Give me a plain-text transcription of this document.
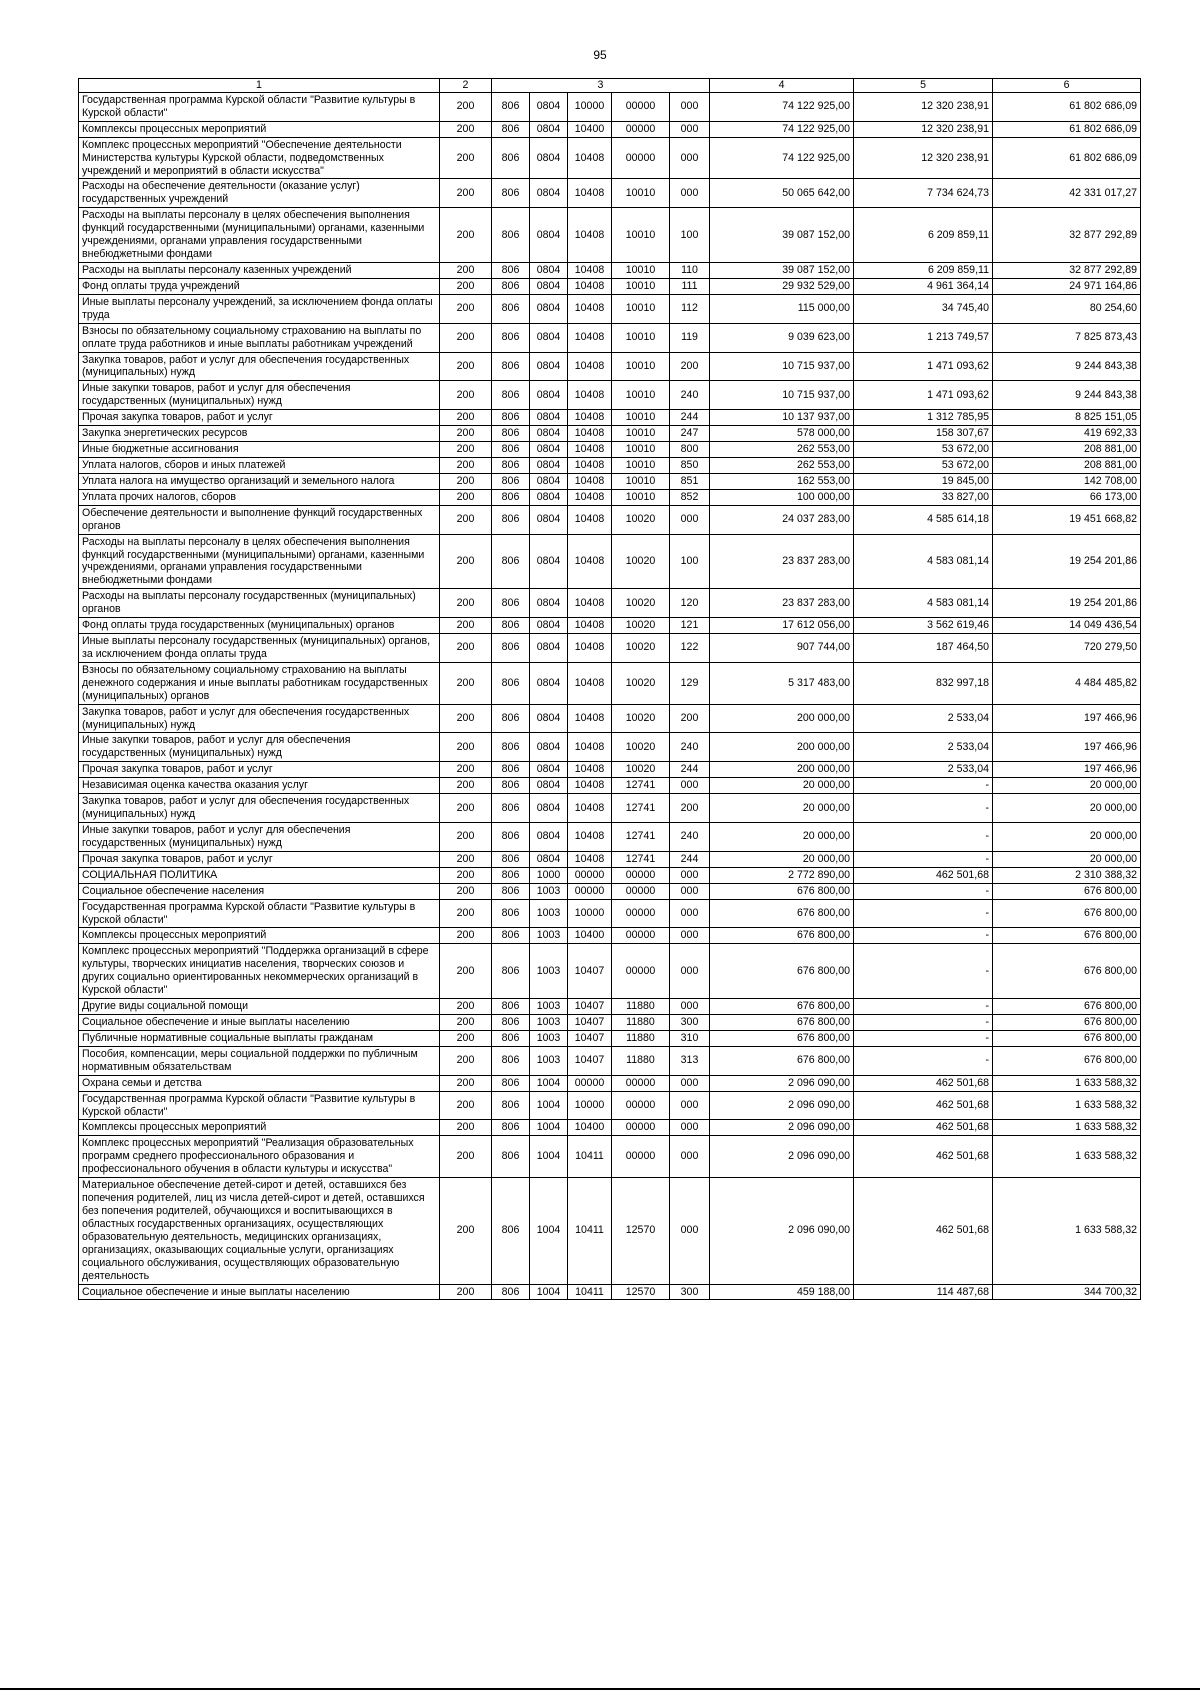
95
1	2	3					4	5	6
Государственная программа Курской области "Развитие культуры в Курской области"	200	806	0804	10000	00000	000	74 122 925,00	12 320 238,91	61 802 686,09
Комплексы процессных мероприятий	200	806	0804	10400	00000	000	74 122 925,00	12 320 238,91	61 802 686,09
Комплекс процессных мероприятий "Обеспечение деятельности Министерства культуры Курской области, подведомственных учреждений и мероприятий в области искусства"	200	806	0804	10408	00000	000	74 122 925,00	12 320 238,91	61 802 686,09
Расходы на обеспечение деятельности (оказание услуг) государственных учреждений	200	806	0804	10408	10010	000	50 065 642,00	7 734 624,73	42 331 017,27
Расходы на выплаты персоналу в целях обеспечения выполнения функций государственными (муниципальными) органами, казенными учреждениями, органами управления государственными внебюджетными фондами	200	806	0804	10408	10010	100	39 087 152,00	6 209 859,11	32 877 292,89
Расходы на выплаты персоналу казенных учреждений	200	806	0804	10408	10010	110	39 087 152,00	6 209 859,11	32 877 292,89
Фонд оплаты труда учреждений	200	806	0804	10408	10010	111	29 932 529,00	4 961 364,14	24 971 164,86
Иные выплаты персоналу учреждений, за исключением фонда оплаты труда	200	806	0804	10408	10010	112	115 000,00	34 745,40	80 254,60
Взносы по обязательному социальному страхованию на выплаты по оплате труда работников и иные выплаты работникам учреждений	200	806	0804	10408	10010	119	9 039 623,00	1 213 749,57	7 825 873,43
Закупка товаров, работ и услуг для обеспечения государственных (муниципальных) нужд	200	806	0804	10408	10010	200	10 715 937,00	1 471 093,62	9 244 843,38
Иные закупки товаров, работ и услуг для обеспечения государственных (муниципальных) нужд	200	806	0804	10408	10010	240	10 715 937,00	1 471 093,62	9 244 843,38
Прочая закупка товаров, работ и услуг	200	806	0804	10408	10010	244	10 137 937,00	1 312 785,95	8 825 151,05
Закупка энергетических ресурсов	200	806	0804	10408	10010	247	578 000,00	158 307,67	419 692,33
Иные бюджетные ассигнования	200	806	0804	10408	10010	800	262 553,00	53 672,00	208 881,00
Уплата налогов, сборов и иных платежей	200	806	0804	10408	10010	850	262 553,00	53 672,00	208 881,00
Уплата налога на имущество организаций и земельного налога	200	806	0804	10408	10010	851	162 553,00	19 845,00	142 708,00
Уплата прочих налогов, сборов	200	806	0804	10408	10010	852	100 000,00	33 827,00	66 173,00
Обеспечение деятельности и выполнение функций государственных органов	200	806	0804	10408	10020	000	24 037 283,00	4 585 614,18	19 451 668,82
Расходы на выплаты персоналу в целях обеспечения выполнения функций государственными (муниципальными) органами, казенными учреждениями, органами управления государственными внебюджетными фондами	200	806	0804	10408	10020	100	23 837 283,00	4 583 081,14	19 254 201,86
Расходы на выплаты персоналу государственных (муниципальных) органов	200	806	0804	10408	10020	120	23 837 283,00	4 583 081,14	19 254 201,86
Фонд оплаты труда государственных (муниципальных) органов	200	806	0804	10408	10020	121	17 612 056,00	3 562 619,46	14 049 436,54
Иные выплаты персоналу государственных (муниципальных) органов, за исключением фонда оплаты труда	200	806	0804	10408	10020	122	907 744,00	187 464,50	720 279,50
Взносы по обязательному социальному страхованию на выплаты денежного содержания и иные выплаты работникам государственных (муниципальных) органов	200	806	0804	10408	10020	129	5 317 483,00	832 997,18	4 484 485,82
Закупка товаров, работ и услуг для обеспечения государственных (муниципальных) нужд	200	806	0804	10408	10020	200	200 000,00	2 533,04	197 466,96
Иные закупки товаров, работ и услуг для обеспечения государственных (муниципальных) нужд	200	806	0804	10408	10020	240	200 000,00	2 533,04	197 466,96
Прочая закупка товаров, работ и услуг	200	806	0804	10408	10020	244	200 000,00	2 533,04	197 466,96
Независимая оценка качества оказания услуг	200	806	0804	10408	12741	000	20 000,00	-	20 000,00
Закупка товаров, работ и услуг для обеспечения государственных (муниципальных) нужд	200	806	0804	10408	12741	200	20 000,00	-	20 000,00
Иные закупки товаров, работ и услуг для обеспечения государственных (муниципальных) нужд	200	806	0804	10408	12741	240	20 000,00	-	20 000,00
Прочая закупка товаров, работ и услуг	200	806	0804	10408	12741	244	20 000,00	-	20 000,00
СОЦИАЛЬНАЯ ПОЛИТИКА	200	806	1000	00000	00000	000	2 772 890,00	462 501,68	2 310 388,32
Социальное обеспечение населения	200	806	1003	00000	00000	000	676 800,00	-	676 800,00
Государственная программа Курской области "Развитие культуры в Курской области"	200	806	1003	10000	00000	000	676 800,00	-	676 800,00
Комплексы процессных мероприятий	200	806	1003	10400	00000	000	676 800,00	-	676 800,00
Комплекс процессных мероприятий "Поддержка организаций в сфере культуры, творческих инициатив населения, творческих союзов и других социально ориентированных некоммерческих организаций в Курской области"	200	806	1003	10407	00000	000	676 800,00	-	676 800,00
Другие виды социальной помощи	200	806	1003	10407	11880	000	676 800,00	-	676 800,00
Социальное обеспечение и иные выплаты населению	200	806	1003	10407	11880	300	676 800,00	-	676 800,00
Публичные нормативные социальные выплаты гражданам	200	806	1003	10407	11880	310	676 800,00	-	676 800,00
Пособия, компенсации, меры социальной поддержки по публичным нормативным обязательствам	200	806	1003	10407	11880	313	676 800,00	-	676 800,00
Охрана семьи и детства	200	806	1004	00000	00000	000	2 096 090,00	462 501,68	1 633 588,32
Государственная программа Курской области "Развитие культуры в Курской области"	200	806	1004	10000	00000	000	2 096 090,00	462 501,68	1 633 588,32
Комплексы процессных мероприятий	200	806	1004	10400	00000	000	2 096 090,00	462 501,68	1 633 588,32
Комплекс процессных мероприятий "Реализация образовательных программ среднего профессионального образования и профессионального обучения в области культуры и искусства"	200	806	1004	10411	00000	000	2 096 090,00	462 501,68	1 633 588,32
Материальное обеспечение детей-сирот и детей, оставшихся без попечения родителей, лиц из числа детей-сирот и детей, оставшихся без попечения родителей, обучающихся и воспитывающихся в областных государственных организациях, осуществляющих образовательную деятельность, медицинских организациях, организациях, оказывающих социальные услуги, организациях социального обслуживания, осуществляющих образовательную деятельность	200	806	1004	10411	12570	000	2 096 090,00	462 501,68	1 633 588,32
Социальное обеспечение и иные выплаты населению	200	806	1004	10411	12570	300	459 188,00	114 487,68	344 700,32
